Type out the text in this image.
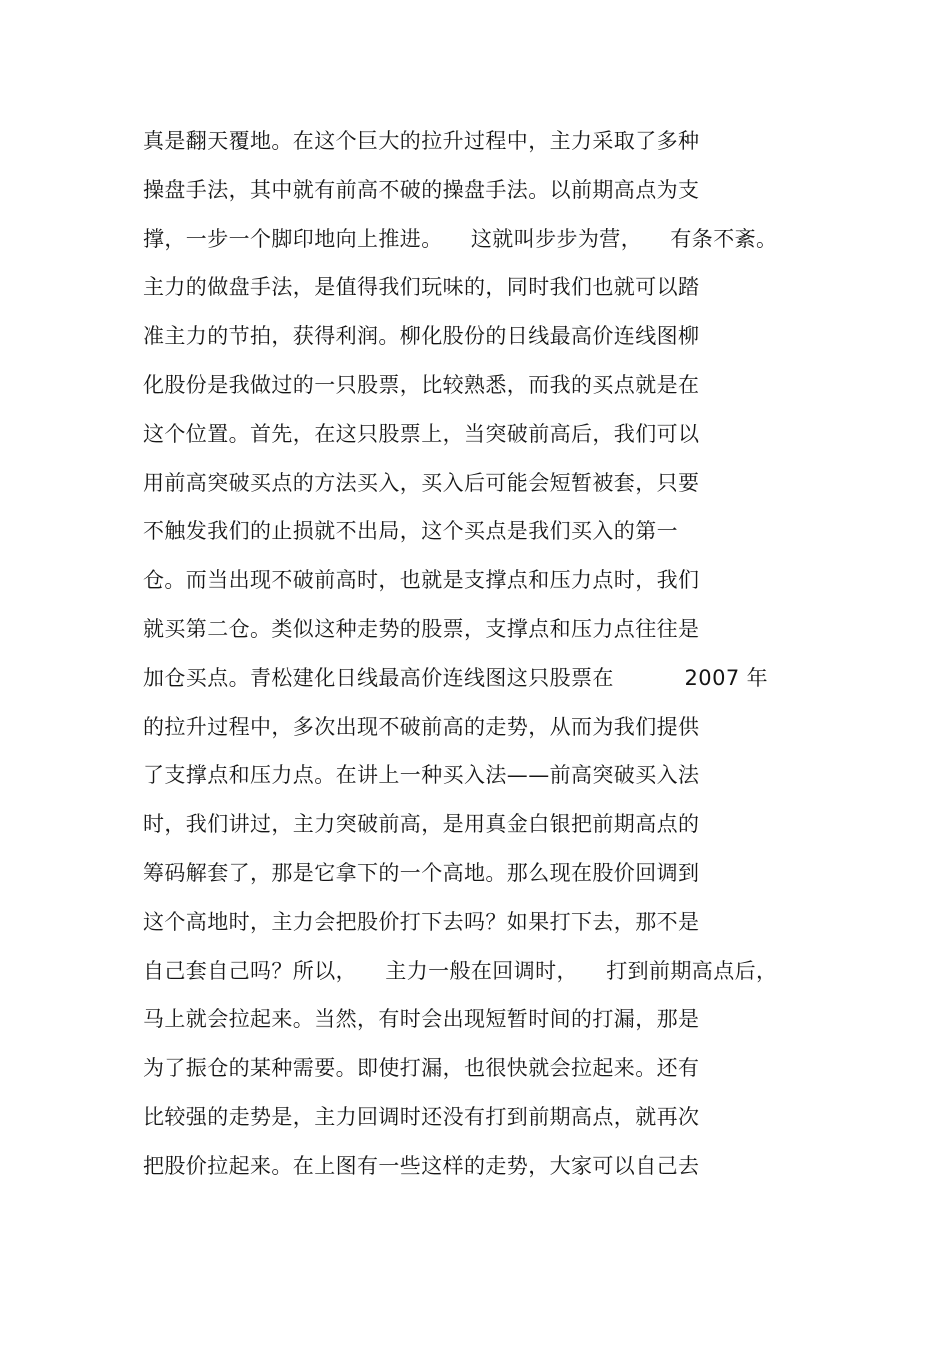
真是翻天覆地。在这个巨大的拉升过程中，主力采取了多种
操盘手法，其中就有前高不破的操盘手法。以前期高点为支
撑，一步一个脚印地向上推进。    这就叫步步为营，    有条不紊。
主力的做盘手法，是值得我们玩味的，同时我们也就可以踏
准主力的节拍，获得利润。柳化股份的日线最高价连线图柳
化股份是我做过的一只股票，比较熟悉，而我的买点就是在
这个位置。首先，在这只股票上，当突破前高后，我们可以
用前高突破买点的方法买入，买入后可能会短暂被套，只要
不触发我们的止损就不出局，这个买点是我们买入的第一
仓。而当出现不破前高时，也就是支撑点和压力点时，我们
就买第二仓。类似这种走势的股票，支撑点和压力点往往是
加仓买点。青松建化日线最高价连线图这只股票在          2007 年
的拉升过程中，多次出现不破前高的走势，从而为我们提供
了支撑点和压力点。在讲上一种买入法——前高突破买入法
时，我们讲过，主力突破前高，是用真金白银把前期高点的
筹码解套了，那是它拿下的一个高地。那么现在股价回调到
这个高地时，主力会把股价打下去吗？如果打下去，那不是
自己套自己吗？所以，    主力一般在回调时，    打到前期高点后，
马上就会拉起来。当然，有时会出现短暂时间的打漏，那是
为了振仓的某种需要。即使打漏，也很快就会拉起来。还有
比较强的走势是，主力回调时还没有打到前期高点，就再次
把股价拉起来。在上图有一些这样的走势，大家可以自己去
